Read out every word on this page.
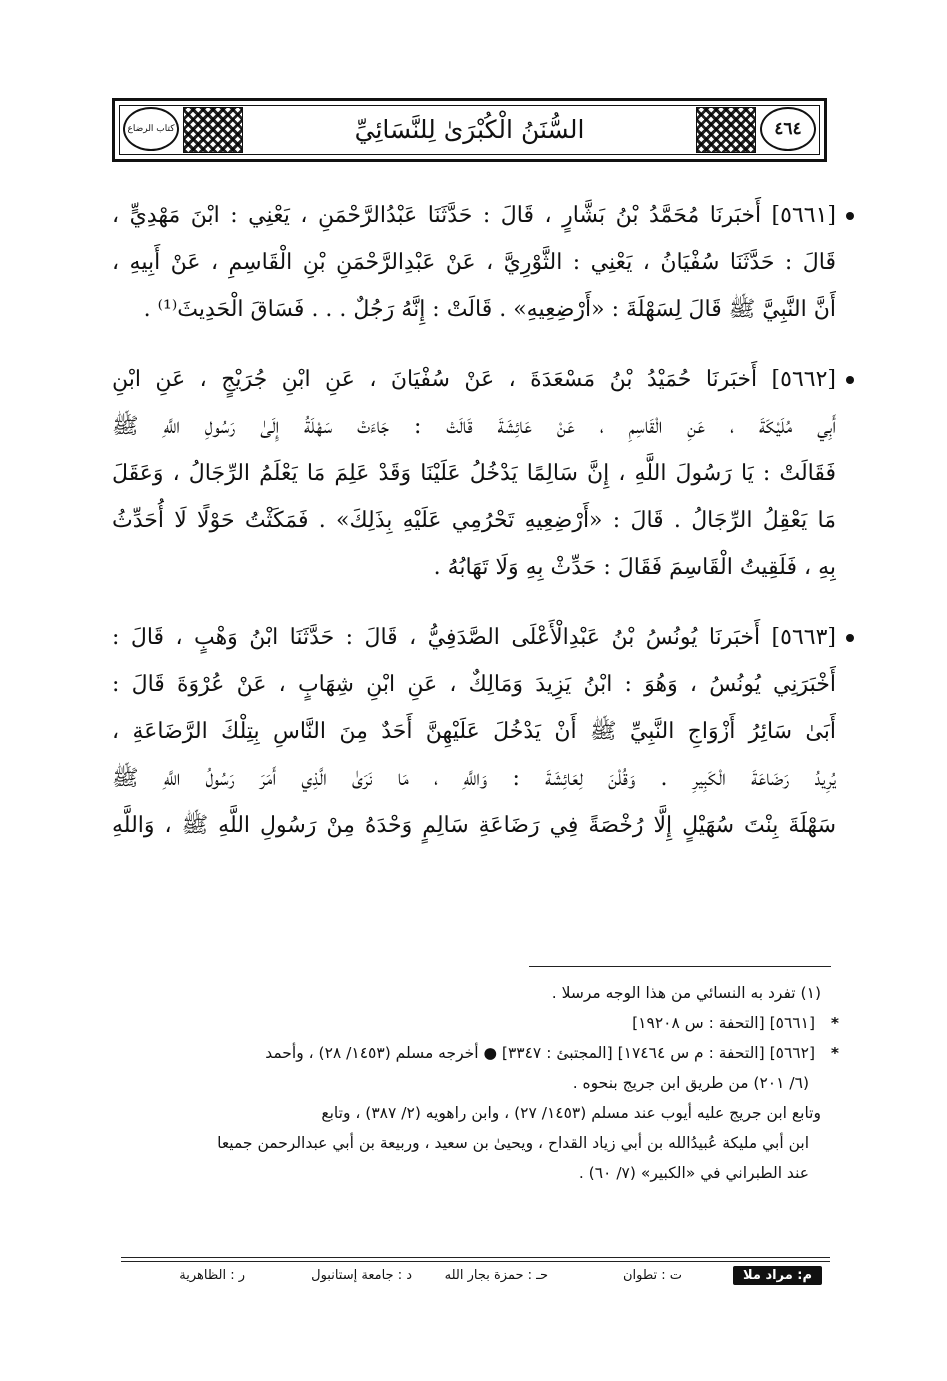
٤٦٤
السُّنَنُ الْكُبْرَىٰ لِلنَّسَائِيِّ
كتاب الرضاع
[٥٦٦١] أَخبَرنَا مُحَمَّدُ بْنُ بَشَّارٍ ، قَالَ : حَدَّثَنَا عَبْدُالرَّحْمَنِ ، يَعْنِي : ابْنَ مَهْدِيٍّ ،
قَالَ : حَدَّثَنَا سُفْيَانُ ، يَعْنِي : الثَّوْرِيَّ ، عَنْ عَبْدِالرَّحْمَنِ بْنِ الْقَاسِمِ ، عَنْ أَبِيهِ ،
أَنَّ النَّبِيَّ ﷺ قَالَ لِسَهْلَةَ : «أَرْضِعِيهِ» . قَالَتْ : إِنَّهُ رَجُلٌ . . . فَسَاقَ الْحَدِيثَ⁽¹⁾ .
[٥٦٦٢] أَخبَرنَا حُمَيْدُ بْنُ مَسْعَدَةَ ، عَنْ سُفْيَانَ ، عَنِ ابْنِ جُرَيْجٍ ، عَنِ ابْنِ
أَبِي مُلَيْكَةَ ، عَنِ الْقَاسِمِ ، عَنْ عَائِشَةَ قَالَتْ : جَاءَتْ سَهْلَةُ إِلَىٰ رَسُولِ اللَّهِ ﷺ
فَقَالَتْ : يَا رَسُولَ اللَّهِ ، إِنَّ سَالِمًا يَدْخُلُ عَلَيْنَا وَقَدْ عَلِمَ مَا يَعْلَمُ الرِّجَالُ ، وَعَقَلَ
مَا يَعْقِلُ الرِّجَالُ . قَالَ : «أَرْضِعِيهِ تَحْرُمِي عَلَيْهِ بِذَلِكَ» . فَمَكَثْتُ حَوْلًا لَا أُحَدِّثُ
بِهِ ، فَلَقِيتُ الْقَاسِمَ فَقَالَ : حَدِّثْ بِهِ وَلَا تَهَابُهُ .
[٥٦٦٣] أَخبَرنَا يُونُسُ بْنُ عَبْدِالْأَعْلَى الصَّدَفِيُّ ، قَالَ : حَدَّثَنَا ابْنُ وَهْبٍ ، قَالَ :
أَخْبَرَنِي يُونُسُ ، وَهُوَ : ابْنُ يَزِيدَ وَمَالِكٌ ، عَنِ ابْنِ شِهَابٍ ، عَنْ عُرْوَةَ قَالَ :
أَبَىٰ سَائِرُ أَزْوَاجِ النَّبِيِّ ﷺ أَنْ يَدْخُلَ عَلَيْهِنَّ أَحَدٌ مِنَ النَّاسِ بِتِلْكَ الرَّضَاعَةِ ،
يُرِيدُ رَضَاعَةَ الْكَبِيرِ . وَقُلْنَ لِعَائِشَةَ : وَاللَّهِ ، مَا نَرَىٰ الَّذِي أَمَرَ رَسُولُ اللَّهِ ﷺ
سَهْلَةَ بِنْتَ سُهَيْلٍ إِلَّا رُخْصَةً فِي رَضَاعَةِ سَالِمٍ وَحْدَهُ مِنْ رَسُولِ اللَّهِ ﷺ ، وَاللَّهِ
(١) تفرد به النسائي من هذا الوجه مرسلا .
*[٥٦٦١] [التحفة : س ١٩٢٠٨]
*[٥٦٦٢] [التحفة : م س ١٧٤٦٤] [المجتبئ : ٣٣٤٧] ● أخرجه مسلم (١٤٥٣/ ٢٨) ، وأحمد
(٦/ ٢٠١) من طريق ابن جريج بنحوه .
وتابع ابن جريج عليه أيوب عند مسلم (١٤٥٣/ ٢٧) ، وابن راهويه (٢/ ٣٨٧) ، وتابع
ابن أبي مليكة عُبيدُالله بن أبي زياد القداح ، ويحيىٰ بن سعيد ، وربيعة بن أبي عبدالرحمن جميعا
عند الطبراني في «الكبير» (٧/ ٦٠) .
م: مراد ملا
ت : تطوان
حـ : حمزة بجار الله
د : جامعة إستانبول
ر : الظاهرية
